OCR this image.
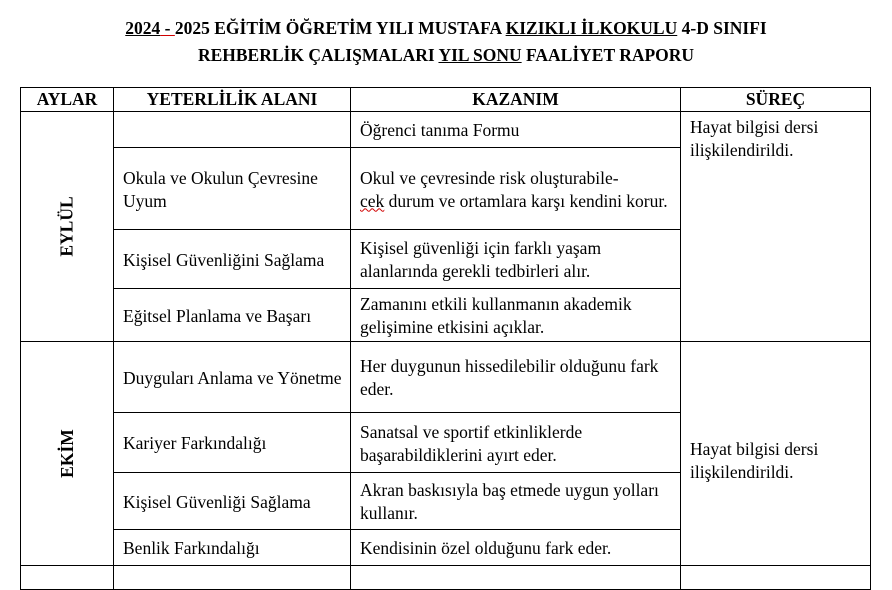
2024 - 2025 EĞİTİM ÖĞRETİM YILI MUSTAFA KIZIKLI İLKOKULU 4-D SINIFI
REHBERLİK ÇALIŞMALARI YIL SONU FAALİYET RAPORU
AYLAR	YETERLİLİK ALANI	KAZANIM	SÜREÇ
EYLÜL		Öğrenci tanıma Formu	Hayat bilgisi dersi ilişkilendirildi.
	Okula ve Okulun Çevresine Uyum	Okul ve çevresinde risk oluşturabile-
cek durum ve ortamlara karşı kendini korur.	
	Kişisel Güvenliğini Sağlama	Kişisel güvenliği için farklı yaşam alanlarında gerekli tedbirleri alır.	
	Eğitsel Planlama ve Başarı	Zamanını etkili kullanmanın akademik gelişimine etkisini açıklar.	
EKİM	Duyguları Anlama ve Yönetme	Her duygunun hissedilebilir olduğunu fark eder.	Hayat bilgisi dersi ilişkilendirildi.
	Kariyer Farkındalığı	Sanatsal ve sportif etkinliklerde başarabildiklerini ayırt eder.	
	Kişisel Güvenliği Sağlama	Akran baskısıyla baş etmede uygun yolları kullanır.	
	Benlik Farkındalığı	Kendisinin özel olduğunu fark eder.	
